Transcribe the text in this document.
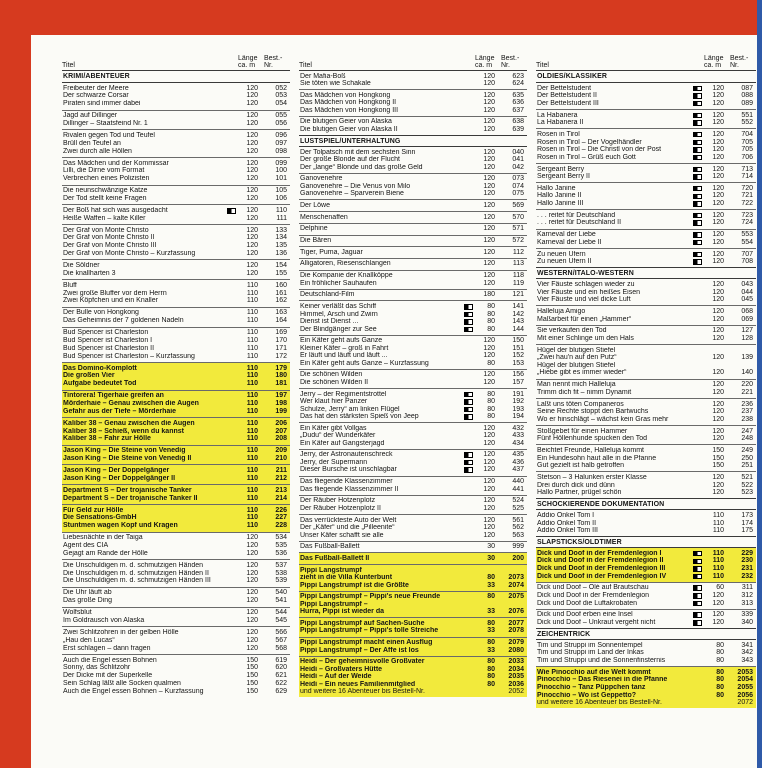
Titel
Länge
ca. m
Best.-
Nr.
KRIMI/ABENTEUER
Freibeuter der Meere	120	052
Der schwarze Corsar	120	053
Piraten sind immer dabei	120	054
Jagd auf Dillinger	120	055
Dillinger – Staatsfeind Nr. 1	120	056
Rivalen gegen Tod und Teufel	120	096
Brüll den Teufel an	120	097
Zwei durch alle Höllen	120	098
Das Mädchen und der Kommissar	120	099
Lilli, die Dirne vom Format	120	100
Verbrechen eines Polizisten	120	101
Die neunschwänzige Katze	120	105
Der Tod stellt keine Fragen	120	106
Der Boß hat sich was ausgedacht	120	110
Heiße Waffen – kalte Killer	120	111
Der Graf von Monte Christo	120	133
Der Graf von Monte Christo II	120	134
Der Graf von Monte Christo III	120	135
Der Graf von Monte Christo – Kurzfassung	120	136
Die Söldner	120	154
Die knallharten 3	120	155
Bluff	110	160
Zwei große Bluffer vor dem Herrn	110	161
Zwei Köpfchen und ein Knaller	110	162
Der Bulle von Hongkong	110	163
Das Geheimnis der 7 goldenen Nadeln	110	164
Bud Spencer ist Charleston	110	169
Bud Spencer ist Charleston I	110	170
Bud Spencer ist Charleston II	110	171
Bud Spencer ist Charleston – Kurzfassung	110	172
Das Domino-Komplott	110	179
Die großen Vier	110	180
Aufgabe bedeutet Tod	110	181
Tintorera! Tigerhaie greifen an	110	197
Mörderhaie – Genau zwischen die Augen	110	198
Gefahr aus der Tiefe – Mörderhaie	110	199
Kaliber 38 – Genau zwischen die Augen	110	206
Kaliber 38 – Schieß, wenn du kannst	110	207
Kaliber 38 – Fahr zur Hölle	110	208
Jason King – Die Steine von Venedig	110	209
Jason King – Die Steine von Venedig II	110	210
Jason King – Der Doppelgänger	110	211
Jason King – Der Doppelgänger II	110	212
Department S – Der trojanische Tanker	110	213
Department S – Der trojanische Tanker II	110	214
Für Geld zur Hölle	110	226
Die Sensations-GmbH	110	227
Stuntmen wagen Kopf und Kragen	110	228
Liebesnächte in der Taiga	120	534
Agent des CIA	120	535
Gejagt am Rande der Hölle	120	536
Die Unschuldigen m. d. schmutzigen Händen	120	537
Die Unschuldigen m. d. schmutzigen Händen II	120	538
Die Unschuldigen m. d. schmutzigen Händen III	120	539
Die Uhr läuft ab	120	540
Das große Ding	120	541
Wolfsblut	120	544
Im Goldrausch von Alaska	120	545
Zwei Schlitzohren in der gelben Hölle	120	566
„Hau den Lucas“	120	567
Erst schlagen – dann fragen	120	568
Auch die Engel essen Bohnen	150	619
Sonny, das Schlitzohr	150	620
Der Dicke mit der Superkelle	150	621
Sein Schlag läßt alle Socken qualmen	150	622
Auch die Engel essen Bohnen – Kurzfassung	150	629
Titel
Länge
ca. m
Best.-
Nr.
Der Mafia-Boß	120	623
Sie töten wie Schakale	120	624
Das Mädchen von Hongkong	120	635
Das Mädchen von Hongkong II	120	636
Das Mädchen von Hongkong III	120	637
Die blutigen Geier von Alaska	120	638
Die blutigen Geier von Alaska II	120	639
LUSTSPIEL/UNTERHALTUNG
Der Tolpatsch mit dem sechsten Sinn	120	040
Der große Blonde auf der Flucht	120	041
Der „lange“ Blonde und das große Geld	120	042
Ganovenehre	120	073
Ganovenehre – Die Venus von Milo	120	074
Ganovenehre – Sparverein Biene	120	075
Der Löwe	120	569
Menschenaffen	120	570
Delphine	120	571
Die Bären	120	572
Tiger, Puma, Jaguar	120	112
Alligatoren, Riesenschlangen	120	113
Die Kompanie der Knallköppe	120	118
Ein fröhlicher Sauhaufen	120	119
Deutschland-Film	180	121
Keiner verläßt das Schiff	80	141
Himmel, Arsch und Zwirn	80	142
Dienst ist Dienst ...	80	143
Der Blindgänger zur See	80	144
Ein Käfer geht aufs Ganze	120	150
Kleiner Käfer – groß in Fahrt	120	151
Er läuft und läuft und läuft ...	120	152
Ein Käfer geht aufs Ganze – Kurzfassung	80	153
Die schönen Wilden	120	156
Die schönen Wilden II	120	157
Jerry – der Regimentstrottel	80	191
Wer klaut hier Panzer	80	192
Schulze, Jerry“ am linken Flügel	80	193
Das hat den stärksten Spieß von Jeep	80	194
Ein Käfer gibt Vollgas	120	432
„Dudu“ der Wunderkäfer	120	433
Ein Käfer auf Gangsterjagd	120	434
Jerry, der Astronautenschreck	120	435
Jerry, der Supermann	120	436
Dieser Bursche ist unschlagbar	120	437
Das fliegende Klassenzimmer	120	440
Das fliegende Klassenzimmer II	120	441
Der Räuber Hotzenplotz	120	524
Der Räuber Hotzenplotz II	120	525
Das verrückteste Auto der Welt	120	561
Der „Käfer“ und die „Pilleenite“	120	562
Unser Käfer schafft sie alle	120	563
Das Fußball-Ballett	30	999
Das Fußball-Ballett II	30	200
Pippi Langstrumpf
zieht in die Villa Kunterbunt	80	2073
Pippi Langstrumpf ist die Größte	33	2074
Pippi Langstrumpf – Pippi's neue Freunde	80	2075
Pippi Langstrumpf –
Hurra, Pippi ist wieder da	33	2076
Pippi Langstrumpf auf Sachen-Suche	80	2077
Pippi Langstrumpf – Pippi's tolle Streiche	33	2078
Pippi Langstrumpf macht einen Ausflug	80	2079
Pippi Langstrumpf – Der Affe ist los	33	2080
Heidi – Der geheimnisvolle Großvater	80	2033
Heidi – Großvaters Hütte	80	2034
Heidi – Auf der Weide	80	2035
Heidi – Ein neues Familienmitglied	80	2036
und weitere 16 Abenteuer bis Bestell-Nr.	2052
Titel
Länge
ca. m
Best.-
Nr.
OLDIES/KLASSIKER
Der Bettelstudent	120	087
Der Bettelstudent II	120	088
Der Bettelstudent III	120	089
La Habanera	120	551
La Habanera II	120	552
Rosen in Tirol	120	704
Rosen in Tirol – Der Vogelhändler	120	705
Rosen in Tirol – Die Christl von der Post	120	705
Rosen in Tirol – Grüß euch Gott	120	706
Sergeant Berry	120	713
Sergeant Berry II	120	714
Hallo Janine	120	720
Hallo Janine II	120	721
Hallo Janine III	120	722
. . . reitet für Deutschland	120	723
. . . reitet für Deutschland II	120	724
Karneval der Liebe	120	553
Karneval der Liebe II	120	554
Zu neuen Ufern	120	707
Zu neuen Ufern II	120	708
WESTERN/ITALO-WESTERN
Vier Fäuste schlagen wieder zu	120	043
Vier Fäuste und ein heißes Eisen	120	044
Vier Fäuste und viel dicke Luft	120	045
Halleluja Amigo	120	068
Maßarbeit für einen „Hammer“	120	069
Sie verkaufen den Tod	120	127
Mit einer Schlinge um den Hals	120	128
Hügel der blutigen Stiefel
„Zwei hau'n auf den Putz“	120	139
Hügel der blutigen Stiefel
„Hiebe gibt es immer wieder“	120	140
Man nennt mich Halleluja	120	220
Trimm dich fit – nimm Dynamit	120	221
Laßt uns töten Companeros	120	236
Seine Rechte stoppt den Bartwuchs	120	237
Wo er hinschlägt – wächst kein Gras mehr	120	238
Stoßgebet für einen Hammer	120	247
Fünf Höllenhunde spucken den Tod	120	248
Beichtet Freunde, Halleluja kommt	150	249
Ein Hundesohn haut alle in die Pfanne	150	250
Gut gezielt ist halb getroffen	150	251
Stetson – 3 Halunken erster Klasse	120	521
Drei durch dick und dünn	120	522
Hallo Partner, prügel schön	120	523
SCHOCKIERENDE DOKUMENTATION
Addio Onkel Tom I	110	173
Addio Onkel Tom II	110	174
Addio Onkel Tom III	110	175
SLAPSTICKS/OLDTIMER
Dick und Doof in der Fremdenlegion I	110	229
Dick und Doof in der Fremdenlegion II	110	230
Dick und Doof in der Fremdenlegion III	110	231
Dick und Doof in der Fremdenlegion IV	110	232
Dick und Doof – Olé auf Brautschau	60	311
Dick und Doof in der Fremdenlegion	120	312
Dick und Doof die Luftakrobaten	120	313
Dick und Doof erben eine Insel	120	339
Dick und Doof – Unkraut vergeht nicht	120	340
ZEICHENTRICK
Tim und Struppi im Sonnentempel	80	341
Tim und Struppi im Land der Inkas	80	342
Tim und Struppi und die Sonnenfinsternis	80	343
Wie Pinocchio auf die Welt kommt	80	2053
Pinocchio – Das Riesenei in die Pfanne	80	2054
Pinocchio – Tanz Püppchen tanz	80	2055
Pinocchio – Wo ist Geppetto?	80	2056
und weitere 16 Abenteuer bis Bestell-Nr.	2072
